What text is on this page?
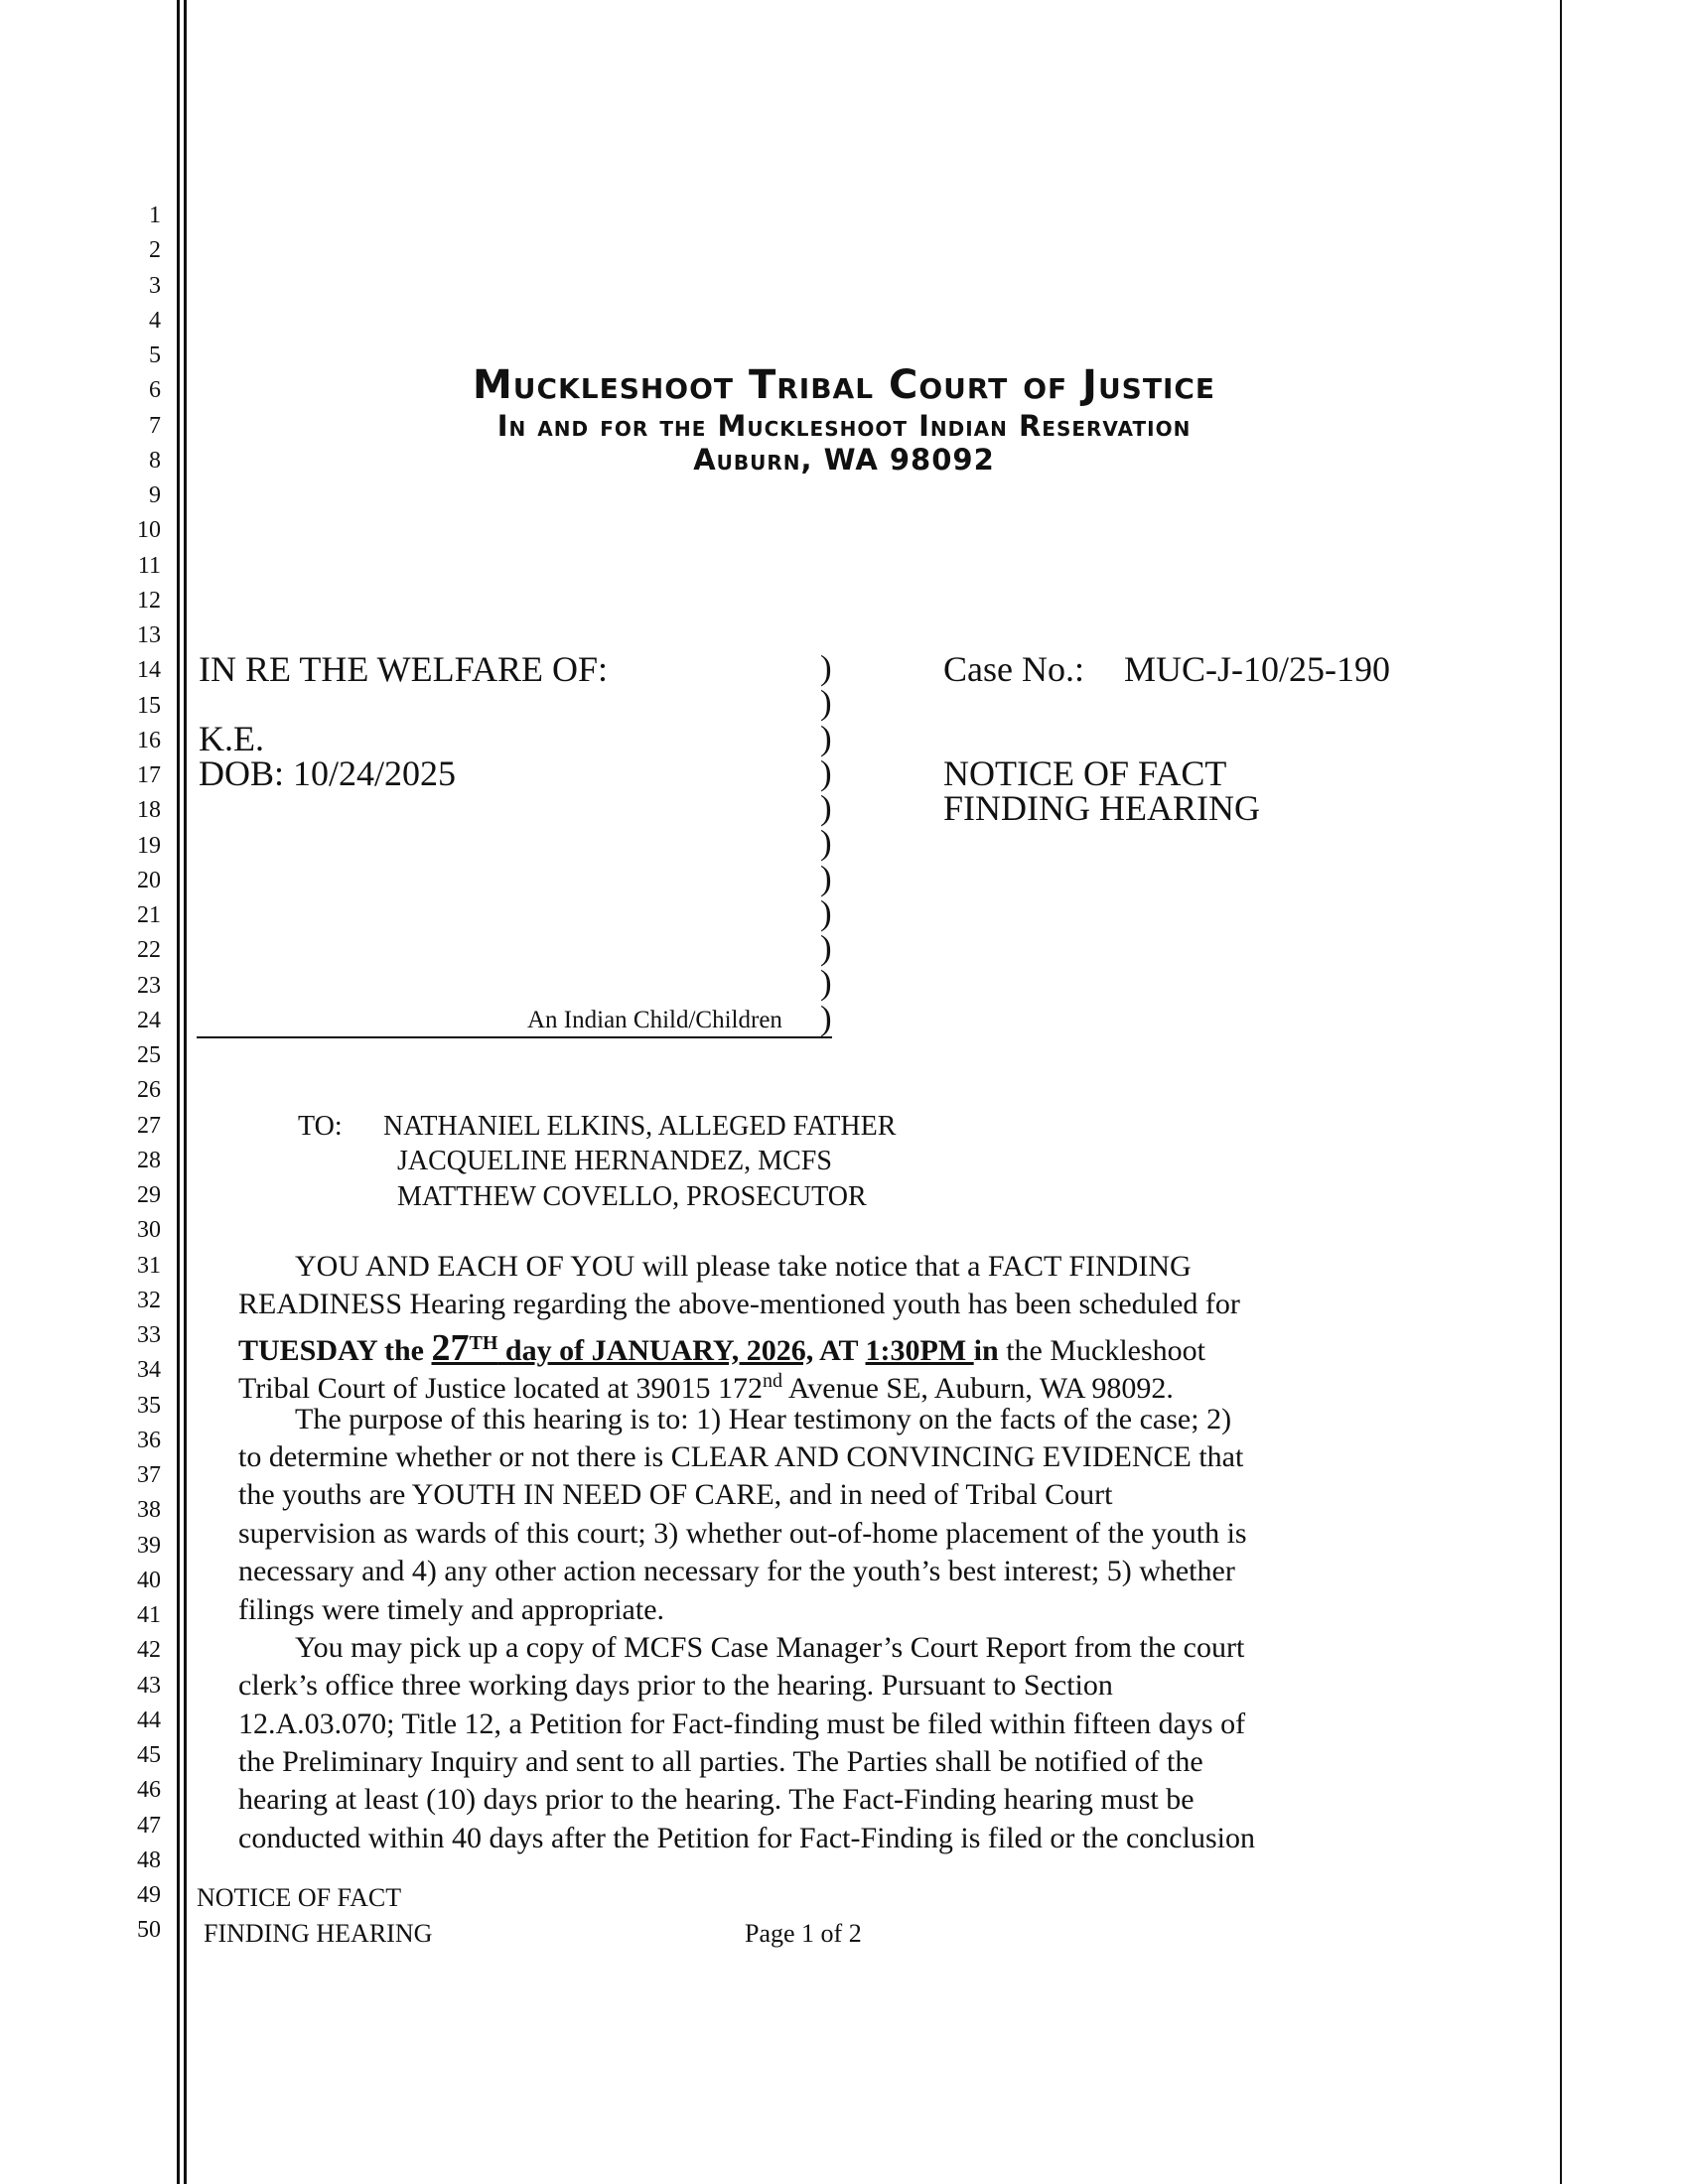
1
2
3
4
5
6
7
8
9
10
11
12
13
14
15
16
17
18
19
20
21
22
23
24
25
26
27
28
29
30
31
32
33
34
35
36
37
38
39
40
41
42
43
44
45
46
47
48
49
50
Muckleshoot Tribal Court of Justice
In and for the Muckleshoot Indian Reservation
Auburn, WA 98092
IN RE THE WELFARE OF:
K.E.
DOB: 10/24/2025
An Indian Child/Children
)
)
)
)
)
)
)
)
)
)
)
Case No.: MUC-J-10/25-190
NOTICE OF FACT
FINDING HEARING
TO: NATHANIEL ELKINS, ALLEGED FATHER
JACQUELINE HERNANDEZ, MCFS
MATTHEW COVELLO, PROSECUTOR
YOU AND EACH OF YOU will please take notice that a FACT FINDING
READINESS Hearing regarding the above-mentioned youth has been scheduled for
TUESDAY the 27TH day of JANUARY, 2026, AT 1:30PM in the Muckleshoot
Tribal Court of Justice located at 39015 172nd Avenue SE, Auburn, WA 98092.
The purpose of this hearing is to: 1) Hear testimony on the facts of the case; 2)
to determine whether or not there is CLEAR AND CONVINCING EVIDENCE that
the youths are YOUTH IN NEED OF CARE, and in need of Tribal Court
supervision as wards of this court; 3) whether out-of-home placement of the youth is
necessary and 4) any other action necessary for the youth’s best interest; 5) whether
filings were timely and appropriate.
You may pick up a copy of MCFS Case Manager’s Court Report from the court
clerk’s office three working days prior to the hearing. Pursuant to Section
12.A.03.070; Title 12, a Petition for Fact-finding must be filed within fifteen days of
the Preliminary Inquiry and sent to all parties. The Parties shall be notified of the
hearing at least (10) days prior to the hearing. The Fact-Finding hearing must be
conducted within 40 days after the Petition for Fact-Finding is filed or the conclusion
NOTICE OF FACT
FINDING HEARING	Page 1 of 2
